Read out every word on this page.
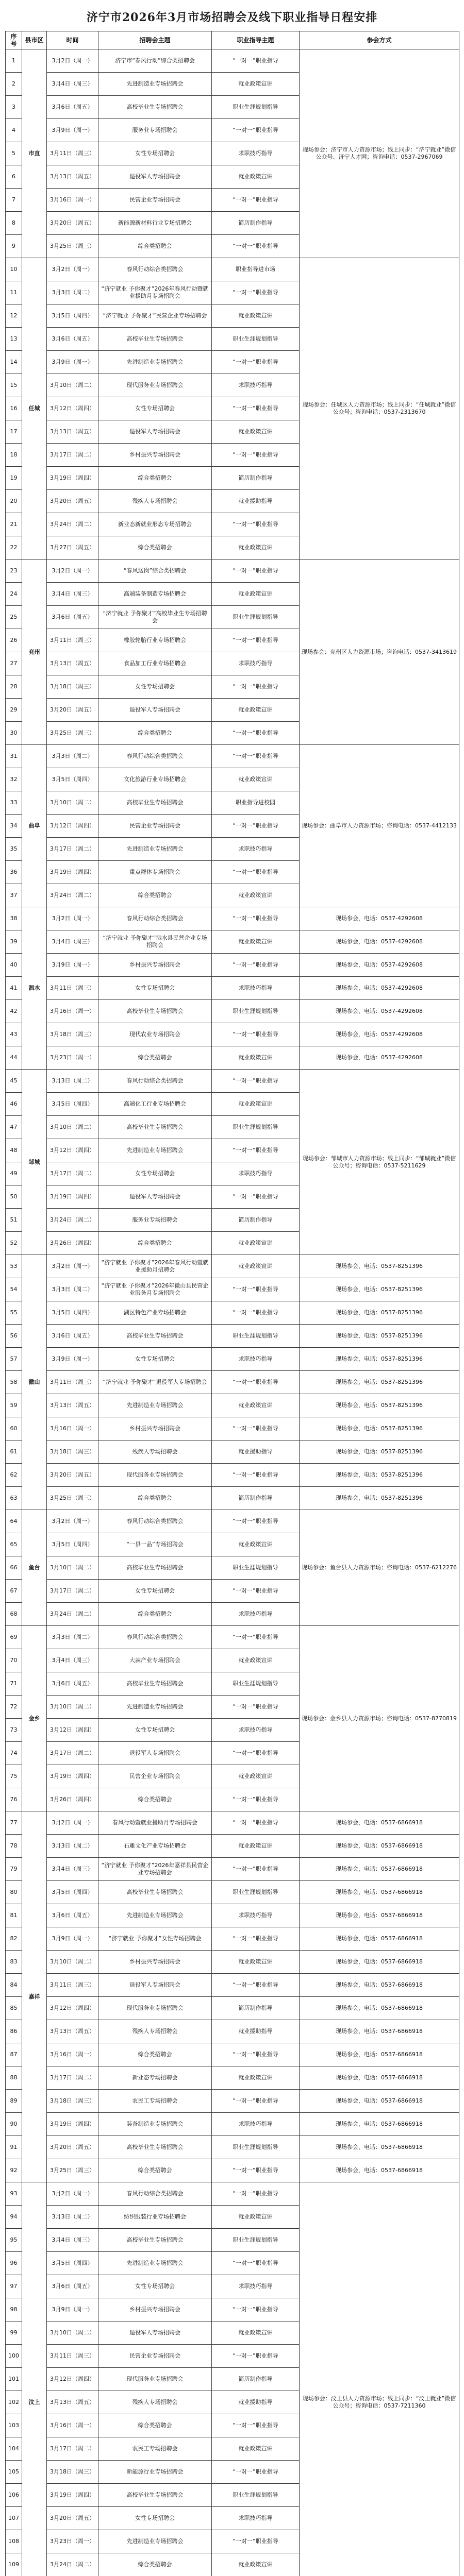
济宁市2026年3月市场招聘会及线下职业指导日程安排
序号	县市区	时间	招聘会主题	职业指导主题	参会方式
1	市直	3月2日（周一）	济宁市“春风行动”综合类招聘会	“一对一”职业指导	现场参会：济宁市人力资源市场；线上同步：“济宁就业”微信公众号、济宁人才网；咨询电话：0537-2967069
2		3月4日（周三）	先进制造业专场招聘会	就业政策宣讲	
3		3月6日（周五）	高校毕业生专场招聘会	职业生涯规划指导	
4		3月9日（周一）	服务业专场招聘会	“一对一”职业指导	
5		3月11日（周三）	女性专场招聘会	求职技巧指导	
6		3月13日（周五）	退役军人专场招聘会	就业政策宣讲	
7		3月16日（周一）	民营企业专场招聘会	“一对一”职业指导	
8		3月20日（周五）	新能源新材料行业专场招聘会	简历制作指导	
9		3月25日（周三）	综合类招聘会	“一对一”职业指导	
10	任城	3月2日（周一）	春风行动综合类招聘会	职业指导进市场	现场参会：任城区人力资源市场；线上同步：“任城就业”微信公众号；咨询电话：0537-2313670
11		3月3日（周二）	“济宁就业 予你聚才”2026年春风行动暨就业援助月专场招聘会	“一对一”职业指导	
12		3月5日（周四）	“济宁就业 予你聚才”民营企业专场招聘会	就业政策宣讲	
13		3月6日（周五）	高校毕业生专场招聘会	职业生涯规划指导	
14		3月9日（周一）	先进制造业专场招聘会	“一对一”职业指导	
15		3月10日（周二）	现代服务业专场招聘会	求职技巧指导	
16		3月12日（周四）	女性专场招聘会	“一对一”职业指导	
17		3月13日（周五）	退役军人专场招聘会	就业政策宣讲	
18		3月17日（周二）	乡村振兴专场招聘会	“一对一”职业指导	
19		3月19日（周四）	综合类招聘会	简历制作指导	
20		3月20日（周五）	残疾人专场招聘会	就业援助指导	
21		3月24日（周二）	新业态新就业形态专场招聘会	“一对一”职业指导	
22		3月27日（周五）	综合类招聘会	就业政策宣讲	
23	兖州	3月2日（周一）	“春风送岗”综合类招聘会	“一对一”职业指导	现场参会：兖州区人力资源市场；咨询电话：0537-3413619
24		3月4日（周三）	高端装备制造专场招聘会	就业政策宣讲	
25		3月6日（周五）	“济宁就业 予你聚才”高校毕业生专场招聘会	职业生涯规划指导	
26		3月11日（周三）	橡胶轮胎行业专场招聘会	“一对一”职业指导	
27		3月13日（周五）	食品加工行业专场招聘会	求职技巧指导	
28		3月18日（周三）	女性专场招聘会	“一对一”职业指导	
29		3月20日（周五）	退役军人专场招聘会	就业政策宣讲	
30		3月25日（周三）	综合类招聘会	“一对一”职业指导	
31	曲阜	3月3日（周二）	春风行动综合类招聘会	“一对一”职业指导	现场参会：曲阜市人力资源市场；咨询电话：0537-4412133
32		3月5日（周四）	文化旅游行业专场招聘会	就业政策宣讲	
33		3月10日（周二）	高校毕业生专场招聘会	职业指导进校园	
34		3月12日（周四）	民营企业专场招聘会	“一对一”职业指导	
35		3月17日（周二）	先进制造业专场招聘会	求职技巧指导	
36		3月19日（周四）	重点群体专场招聘会	“一对一”职业指导	
37		3月24日（周二）	综合类招聘会	就业政策宣讲	
38	泗水	3月2日（周一）	春风行动综合类招聘会	“一对一”职业指导	现场参会，电话：0537-4292608
39		3月4日（周三）	“济宁就业 予你聚才”泗水县民营企业专场招聘会	就业政策宣讲	现场参会，电话：0537-4292608
40		3月9日（周一）	乡村振兴专场招聘会	“一对一”职业指导	现场参会，电话：0537-4292608
41		3月11日（周三）	女性专场招聘会	求职技巧指导	现场参会，电话：0537-4292608
42		3月16日（周一）	高校毕业生专场招聘会	职业生涯规划指导	现场参会，电话：0537-4292608
43		3月18日（周三）	现代农业专场招聘会	“一对一”职业指导	现场参会，电话：0537-4292608
44		3月23日（周一）	综合类招聘会	就业政策宣讲	现场参会，电话：0537-4292608
45	邹城	3月3日（周二）	春风行动综合类招聘会	“一对一”职业指导	现场参会：邹城市人力资源市场；线上同步：“邹城就业”微信公众号；咨询电话：0537-5211629
46		3月5日（周四）	高端化工行业专场招聘会	就业政策宣讲	
47		3月10日（周二）	高校毕业生专场招聘会	职业生涯规划指导	
48		3月12日（周四）	先进制造业专场招聘会	“一对一”职业指导	
49		3月17日（周二）	女性专场招聘会	求职技巧指导	
50		3月19日（周四）	退役军人专场招聘会	“一对一”职业指导	
51		3月24日（周二）	服务业专场招聘会	简历制作指导	
52		3月26日（周四）	综合类招聘会	就业政策宣讲	
53	微山	3月2日（周一）	“济宁就业 予你聚才”2026年春风行动暨就业援助月招聘会	就业政策宣讲	现场参会，电话：0537-8251396
54		3月3日（周二）	“济宁就业 予你聚才”2026年微山县民营企业服务月专场招聘会	“一对一”职业指导	现场参会，电话：0537-8251396
55		3月5日（周四）	湖区特色产业专场招聘会	“一对一”职业指导	现场参会，电话：0537-8251396
56		3月6日（周五）	高校毕业生专场招聘会	职业生涯规划指导	现场参会，电话：0537-8251396
57		3月9日（周一）	女性专场招聘会	求职技巧指导	现场参会，电话：0537-8251396
58		3月11日（周三）	“济宁就业 予你聚才”退役军人专场招聘会	“一对一”职业指导	现场参会，电话：0537-8251396
59		3月13日（周五）	先进制造业专场招聘会	就业政策宣讲	现场参会，电话：0537-8251396
60		3月16日（周一）	乡村振兴专场招聘会	“一对一”职业指导	现场参会，电话：0537-8251396
61		3月18日（周三）	残疾人专场招聘会	就业援助指导	现场参会，电话：0537-8251396
62		3月20日（周五）	现代服务业专场招聘会	“一对一”职业指导	现场参会，电话：0537-8251396
63		3月25日（周三）	综合类招聘会	简历制作指导	现场参会，电话：0537-8251396
64	鱼台	3月2日（周一）	春风行动综合类招聘会	“一对一”职业指导	现场参会：鱼台县人力资源市场；咨询电话：0537-6212276
65		3月5日（周四）	“一县一品”专场招聘会	就业政策宣讲	
66		3月10日（周二）	高校毕业生专场招聘会	职业生涯规划指导	
67		3月17日（周二）	女性专场招聘会	“一对一”职业指导	
68		3月24日（周二）	综合类招聘会	求职技巧指导	
69	金乡	3月3日（周二）	春风行动综合类招聘会	“一对一”职业指导	现场参会：金乡县人力资源市场；咨询电话：0537-8770819
70		3月4日（周三）	大蒜产业专场招聘会	就业政策宣讲	
71		3月6日（周五）	高校毕业生专场招聘会	职业生涯规划指导	
72		3月10日（周二）	先进制造业专场招聘会	“一对一”职业指导	
73		3月12日（周四）	女性专场招聘会	求职技巧指导	
74		3月17日（周二）	退役军人专场招聘会	“一对一”职业指导	
75		3月19日（周四）	民营企业专场招聘会	就业政策宣讲	
76		3月26日（周四）	综合类招聘会	“一对一”职业指导	
77	嘉祥	3月2日（周一）	春风行动暨就业援助月专场招聘会	“一对一”职业指导	现场参会，电话：0537-6866918
78		3月3日（周二）	石雕文化产业专场招聘会	就业政策宣讲	现场参会，电话：0537-6866918
79		3月4日（周三）	“济宁就业 予你聚才”2026年嘉祥县民营企业专场招聘会	“一对一”职业指导	现场参会，电话：0537-6866918
80		3月5日（周四）	高校毕业生专场招聘会	职业生涯规划指导	现场参会，电话：0537-6866918
81		3月6日（周五）	先进制造业专场招聘会	求职技巧指导	现场参会，电话：0537-6866918
82		3月9日（周一）	“济宁就业 予你聚才”女性专场招聘会	“一对一”职业指导	现场参会，电话：0537-6866918
83		3月10日（周二）	乡村振兴专场招聘会	就业政策宣讲	现场参会，电话：0537-6866918
84		3月11日（周三）	退役军人专场招聘会	“一对一”职业指导	现场参会，电话：0537-6866918
85		3月12日（周四）	现代服务业专场招聘会	简历制作指导	现场参会，电话：0537-6866918
86		3月13日（周五）	残疾人专场招聘会	就业援助指导	现场参会，电话：0537-6866918
87		3月16日（周一）	综合类招聘会	“一对一”职业指导	现场参会，电话：0537-6866918
88		3月17日（周二）	新业态专场招聘会	就业政策宣讲	现场参会，电话：0537-6866918
89		3月18日（周三）	农民工专场招聘会	“一对一”职业指导	现场参会，电话：0537-6866918
90		3月19日（周四）	装备制造业专场招聘会	求职技巧指导	现场参会，电话：0537-6866918
91		3月20日（周五）	高校毕业生专场招聘会	职业生涯规划指导	现场参会，电话：0537-6866918
92		3月25日（周三）	综合类招聘会	“一对一”职业指导	现场参会，电话：0537-6866918
93	汶上	3月2日（周一）	春风行动综合类招聘会	“一对一”职业指导	现场参会：汶上县人力资源市场；线上同步：“汶上就业”微信公众号；咨询电话：0537-7211360
94		3月3日（周二）	纺织服装行业专场招聘会	就业政策宣讲	
95		3月4日（周三）	高校毕业生专场招聘会	职业生涯规划指导	
96		3月5日（周四）	先进制造业专场招聘会	“一对一”职业指导	
97		3月6日（周五）	女性专场招聘会	求职技巧指导	
98		3月9日（周一）	乡村振兴专场招聘会	“一对一”职业指导	
99		3月10日（周二）	退役军人专场招聘会	就业政策宣讲	
100		3月11日（周三）	民营企业专场招聘会	“一对一”职业指导	
101		3月12日（周四）	现代服务业专场招聘会	简历制作指导	
102		3月13日（周五）	残疾人专场招聘会	就业援助指导	
103		3月16日（周一）	综合类招聘会	“一对一”职业指导	
104		3月17日（周二）	农民工专场招聘会	就业政策宣讲	
105		3月18日（周三）	新能源行业专场招聘会	“一对一”职业指导	
106		3月19日（周四）	高校毕业生专场招聘会	职业生涯规划指导	
107		3月20日（周五）	女性专场招聘会	求职技巧指导	
108		3月23日（周一）	先进制造业专场招聘会	“一对一”职业指导	
109		3月24日（周二）	综合类招聘会	就业政策宣讲	
